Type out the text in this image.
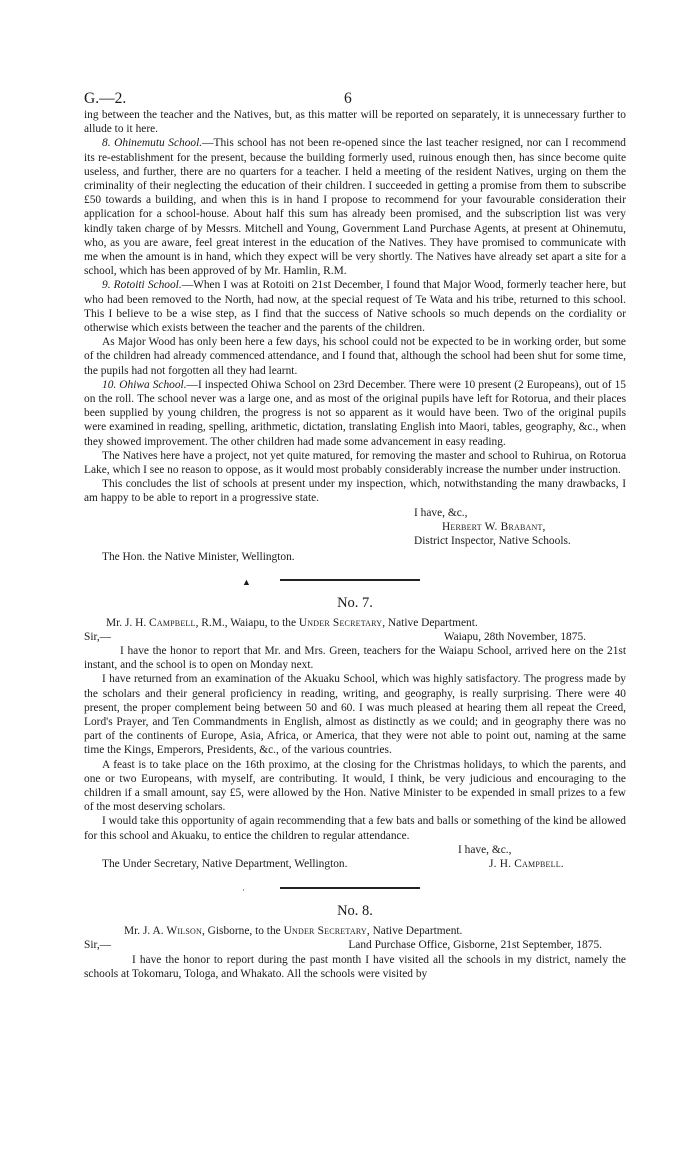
G.—2.	6

ing between the teacher and the Natives, but, as this matter will be reported on separately, it is unnecessary further to allude to it here.

8. Ohinemutu School.—This school has not been re-opened since the last teacher resigned, nor can I recommend its re-establishment for the present, because the building formerly used, ruinous enough then, has since become quite useless, and further, there are no quarters for a teacher. I held a meeting of the resident Natives, urging on them the criminality of their neglecting the education of their children. I succeeded in getting a promise from them to subscribe £50 towards a building, and when this is in hand I propose to recommend for your favourable consideration their application for a school-house. About half this sum has already been promised, and the subscription list was very kindly taken charge of by Messrs. Mitchell and Young, Government Land Purchase Agents, at present at Ohinemutu, who, as you are aware, feel great interest in the education of the Natives. They have promised to communicate with me when the amount is in hand, which they expect will be very shortly. The Natives have already set apart a site for a school, which has been approved of by Mr. Hamlin, R.M.

9. Rotoiti School.—When I was at Rotoiti on 21st December, I found that Major Wood, formerly teacher here, but who had been removed to the North, had now, at the special request of Te Wata and his tribe, returned to this school. This I believe to be a wise step, as I find that the success of Native schools so much depends on the cordiality or otherwise which exists between the teacher and the parents of the children.

As Major Wood has only been here a few days, his school could not be expected to be in working order, but some of the children had already commenced attendance, and I found that, although the school had been shut for some time, the pupils had not forgotten all they had learnt.

10. Ohiwa School.—I inspected Ohiwa School on 23rd December. There were 10 present (2 Europeans), out of 15 on the roll. The school never was a large one, and as most of the original pupils have left for Rotorua, and their places been supplied by young children, the progress is not so apparent as it would have been. Two of the original pupils were examined in reading, spelling, arithmetic, dictation, translating English into Maori, tables, geography, &c., when they showed improvement. The other children had made some advancement in easy reading.

The Natives here have a project, not yet quite matured, for removing the master and school to Ruhirua, on Rotorua Lake, which I see no reason to oppose, as it would most probably considerably increase the number under instruction.

This concludes the list of schools at present under my inspection, which, notwithstanding the many drawbacks, I am happy to be able to report in a progressive state.

I have, &c.,
Herbert W. Brabant,
District Inspector, Native Schools.
The Hon. the Native Minister, Wellington.
▲
No. 7.
Mr. J. H. Campbell, R.M., Waiapu, to the Under Secretary, Native Department.
Sir,—	Waiapu, 28th November, 1875.

I have the honor to report that Mr. and Mrs. Green, teachers for the Waiapu School, arrived here on the 21st instant, and the school is to open on Monday next.

I have returned from an examination of the Akuaku School, which was highly satisfactory. The progress made by the scholars and their general proficiency in reading, writing, and geography, is really surprising. There were 40 present, the proper complement being between 50 and 60. I was much pleased at hearing them all repeat the Creed, Lord's Prayer, and Ten Commandments in English, almost as distinctly as we could; and in geography there was no part of the continents of Europe, Asia, Africa, or America, that they were not able to point out, naming at the same time the Kings, Emperors, Presidents, &c., of the various countries.

A feast is to take place on the 16th proximo, at the closing for the Christmas holidays, to which the parents, and one or two Europeans, with myself, are contributing. It would, I think, be very judicious and encouraging to the children if a small amount, say £5, were allowed by the Hon. Native Minister to be expended in small prizes to a few of the most deserving scholars.

I would take this opportunity of again recommending that a few bats and balls or something of the kind be allowed for this school and Akuaku, to entice the children to regular attendance.

I have, &c.,
The Under Secretary, Native Department, Wellington.	J. H. Campbell.
·
No. 8.
Mr. J. A. Wilson, Gisborne, to the Under Secretary, Native Department.
Sir,—	Land Purchase Office, Gisborne, 21st September, 1875.

I have the honor to report during the past month I have visited all the schools in my district, namely the schools at Tokomaru, Tologa, and Whakato. All the schools were visited by
